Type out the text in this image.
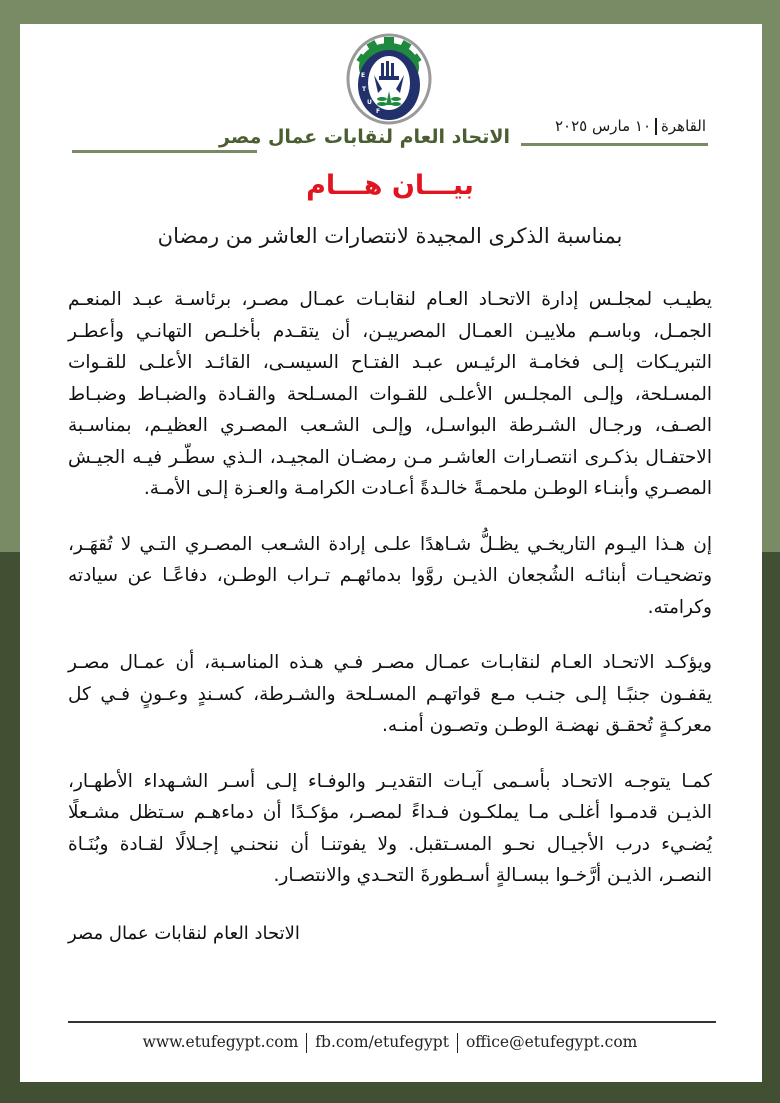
E
T
U
F
الاتحاد العام لنقابات عمال مصر	القاهرة١٠ مارس ٢٠٢٥
بيـــان هـــام
بمناسبة الذكرى المجيدة لانتصارات العاشر من رمضان

يطيـب لمجلـس إدارة الاتحـاد العـام لنقابـات عمـال مصـر، برئاسـة عبـد المنعـم الجمـل، وباسـم ملاييـن العمـال المصرييـن، أن يتقـدم بأخلـص التهانـي وأعطـر التبريـكات إلـى فخامـة الرئيـس عبـد الفتـاح السيسـى، القائـد الأعلـى للقـوات المسـلحة، وإلـى المجلـس الأعلـى للقـوات المسـلحة والقـادة والضبـاط وضبـاط الصـف، ورجـال الشـرطة البواسـل، وإلـى الشـعب المصـري العظيـم، بمناسـبة الاحتفـال بذكـرى انتصـارات العاشـر مـن رمضـان المجيـد، الـذي سطّـر فيـه الجيـش المصـري وأبنـاء الوطـن ملحمـةً خالـدةً أعـادت الكرامـة والعـزة إلـى الأمـة.

إن هـذا اليـوم التاريخـي يظـلُّ شـاهدًا علـى إرادة الشـعب المصـري التـي لا تُقهَـر، وتضحيـات أبنائـه الشُجعان الذيـن روَّوا بدمائهـم تـراب الوطـن، دفاعًـا عن سيادته وكرامته.

ويؤكـد الاتحـاد العـام لنقابـات عمـال مصـر فـي هـذه المناسـبة، أن عمـال مصـر يقفـون جنبًـا إلـى جنـب مـع قواتهـم المسـلحة والشـرطة، كسـندٍ وعـونٍ فـي كل معركـةٍ تُحقـق نهضـة الوطـن وتصـون أمنـه.

كمـا يتوجـه الاتحـاد بأسـمى آيـات التقديـر والوفـاء إلـى أسـر الشـهداء الأطهـار، الذيـن قدمـوا أغلـى مـا يملكـون فـداءً لمصـر، مؤكـدًا أن دماءهـم سـتظل مشـعلًا يُضـيء درب الأجيـال نحـو المسـتقبل. ولا يفوتنـا أن ننحنـي إجـلالًا لقـادة وبُنَـاة النصـر، الذيـن أرَّخـوا ببسـالةٍ أسـطورةَ التحـدي والانتصـار.

الاتحاد العام لنقابات عمال مصر
www.etufegypt.com fb.com/etufegypt office@etufegypt.com
